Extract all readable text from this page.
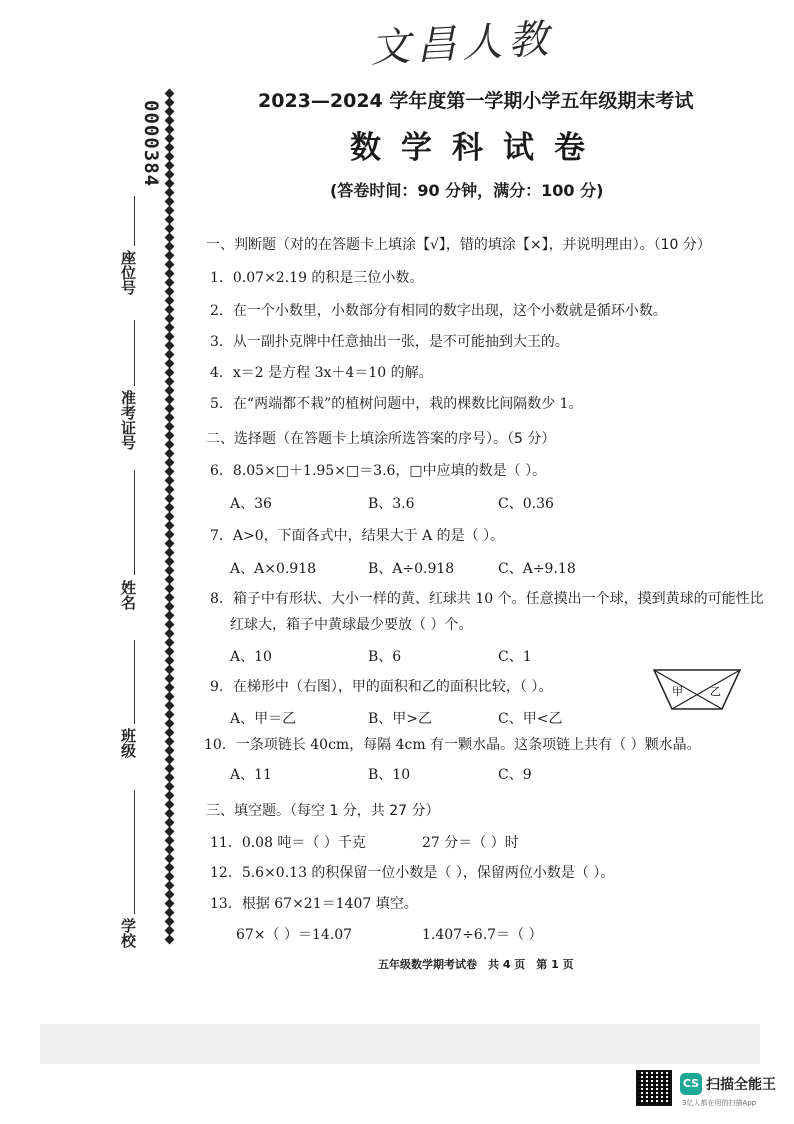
文昌人教
0000384
座位号
准考证号
姓名
班级
学校
2023—2024 学年度第一学期小学五年级期末考试
数学科试卷
(答卷时间：90 分钟，满分：100 分)
一、判断题（对的在答题卡上填涂【√】，错的填涂【×】，并说明理由）。（10 分）
1．0.07×2.19 的积是三位小数。
2．在一个小数里，小数部分有相同的数字出现，这个小数就是循环小数。
3．从一副扑克牌中任意抽出一张，是不可能抽到大王的。
4．x＝2 是方程 3x＋4＝10 的解。
5．在“两端都不栽”的植树问题中，栽的棵数比间隔数少 1。
二、选择题（在答题卡上填涂所选答案的序号）。（5 分）
6．8.05×□＋1.95×□＝3.6，□中应填的数是（ ）。
A、36	B、3.6	C、0.36
7．A>0，下面各式中，结果大于 A 的是（ ）。
A、A×0.918	B、A÷0.918	C、A÷9.18
8．箱子中有形状、大小一样的黄、红球共 10 个。任意摸出一个球，摸到黄球的可能性比
红球大，箱子中黄球最少要放（ ）个。
A、10	B、6	C、1
9．在梯形中（右图），甲的面积和乙的面积比较，（ ）。
A、甲＝乙	B、甲>乙	C、甲<乙
甲 乙
10．一条项链长 40cm，每隔 4cm 有一颗水晶。这条项链上共有（ ）颗水晶。
A、11	B、10	C、9
三、填空题。（每空 1 分，共 27 分）
11．0.08 吨＝（ ）千克	27 分＝（ ）时
12．5.6×0.13 的积保留一位小数是（ ），保留两位小数是（ ）。
13．根据 67×21＝1407 填空。
67×（ ）＝14.07	1.407÷6.7＝（ ）
五年级数学期考试卷　共 4 页　第 1 页
CS 扫描全能王
3亿人都在用的扫描App
